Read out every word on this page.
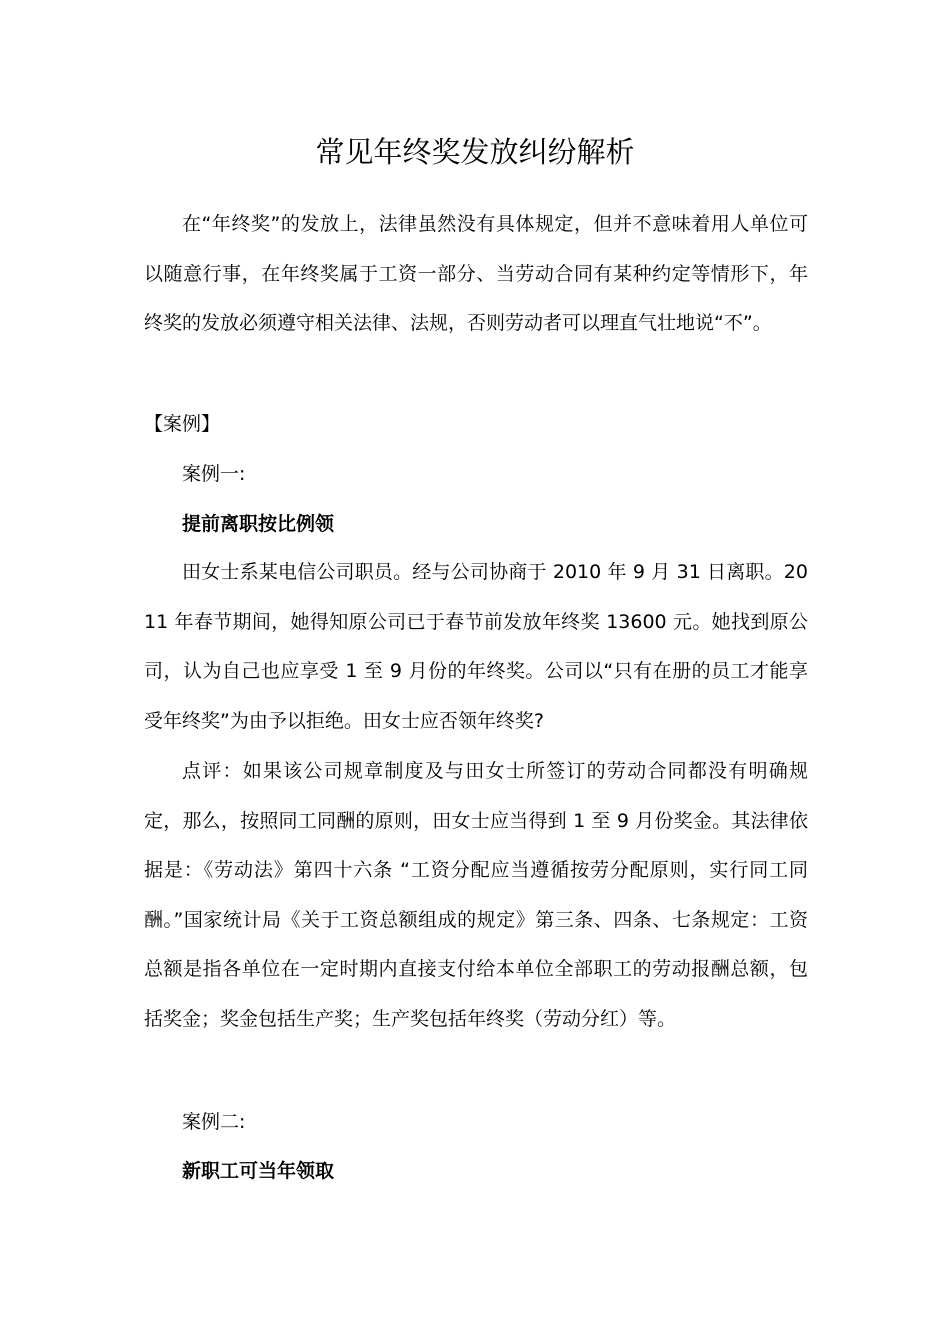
常见年终奖发放纠纷解析

在“年终奖”的发放上，法律虽然没有具体规定，但并不意味着用人单位可以随意行事，在年终奖属于工资一部分、当劳动合同有某种约定等情形下，年终奖的发放必须遵守相关法律、法规，否则劳动者可以理直气壮地说“不”。

【案例】
案例一:
提前离职按比例领

田女士系某电信公司职员。经与公司协商于 2010 年 9 月 31 日离职。2011 年春节期间，她得知原公司已于春节前发放年终奖 13600 元。她找到原公司，认为自己也应享受 1 至 9 月份的年终奖。公司以“只有在册的员工才能享受年终奖”为由予以拒绝。田女士应否领年终奖?

点评：如果该公司规章制度及与田女士所签订的劳动合同都没有明确规定，那么，按照同工同酬的原则，田女士应当得到 1 至 9 月份奖金。其法律依据是：《劳动法》第四十六条 “工资分配应当遵循按劳分配原则，实行同工同酬。”国家统计局《关于工资总额组成的规定》第三条、四条、七条规定：工资总额是指各单位在一定时期内直接支付给本单位全部职工的劳动报酬总额，包括奖金；奖金包括生产奖；生产奖包括年终奖（劳动分红）等。

案例二:
新职工可当年领取
